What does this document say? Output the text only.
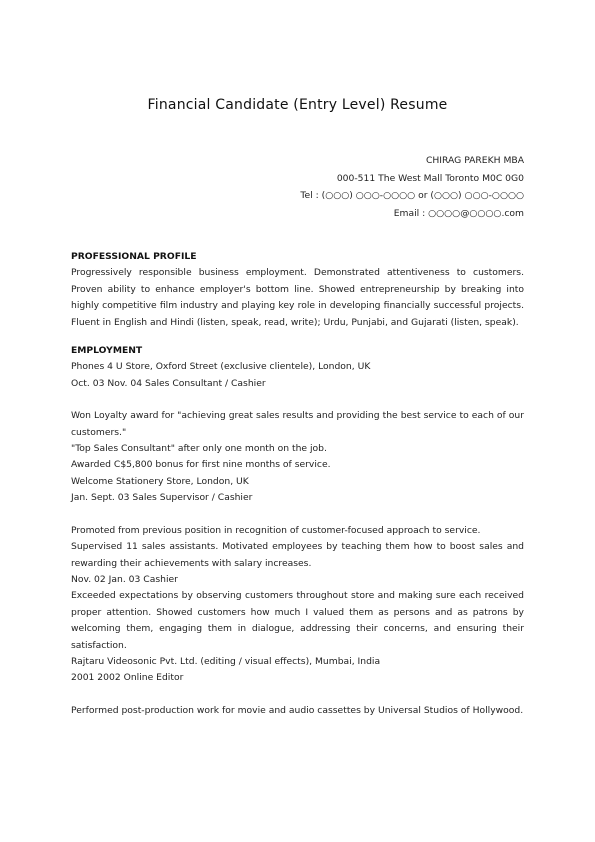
Financial Candidate (Entry Level) Resume
CHIRAG PAREKH MBA
000-511 The West Mall Toronto M0C 0G0
Tel : (○○○) ○○○-○○○○ or (○○○) ○○○-○○○○
Email : ○○○○@○○○○.com
PROFESSIONAL PROFILE

Progressively responsible business employment. Demonstrated attentiveness to customers. Proven ability to enhance employer's bottom line. Showed entrepreneurship by breaking into highly competitive film industry and playing key role in developing financially successful projects. Fluent in English and Hindi (listen, speak, read, write); Urdu, Punjabi, and Gujarati (listen, speak).

EMPLOYMENT

Phones 4 U Store, Oxford Street (exclusive clientele), London, UK

Oct. 03 Nov. 04 Sales Consultant / Cashier

Won Loyalty award for "achieving great sales results and providing the best service to each of our customers."

"Top Sales Consultant" after only one month on the job.

Awarded C$5,800 bonus for first nine months of service.

Welcome Stationery Store, London, UK

Jan. Sept. 03 Sales Supervisor / Cashier

Promoted from previous position in recognition of customer-focused approach to service.

Supervised 11 sales assistants. Motivated employees by teaching them how to boost sales and rewarding their achievements with salary increases.

Nov. 02 Jan. 03 Cashier

Exceeded expectations by observing customers throughout store and making sure each received proper attention. Showed customers how much I valued them as persons and as patrons by welcoming them, engaging them in dialogue, addressing their concerns, and ensuring their satisfaction.

Rajtaru Videosonic Pvt. Ltd. (editing / visual effects), Mumbai, India

2001 2002 Online Editor

Performed post-production work for movie and audio cassettes by Universal Studios of Hollywood.
